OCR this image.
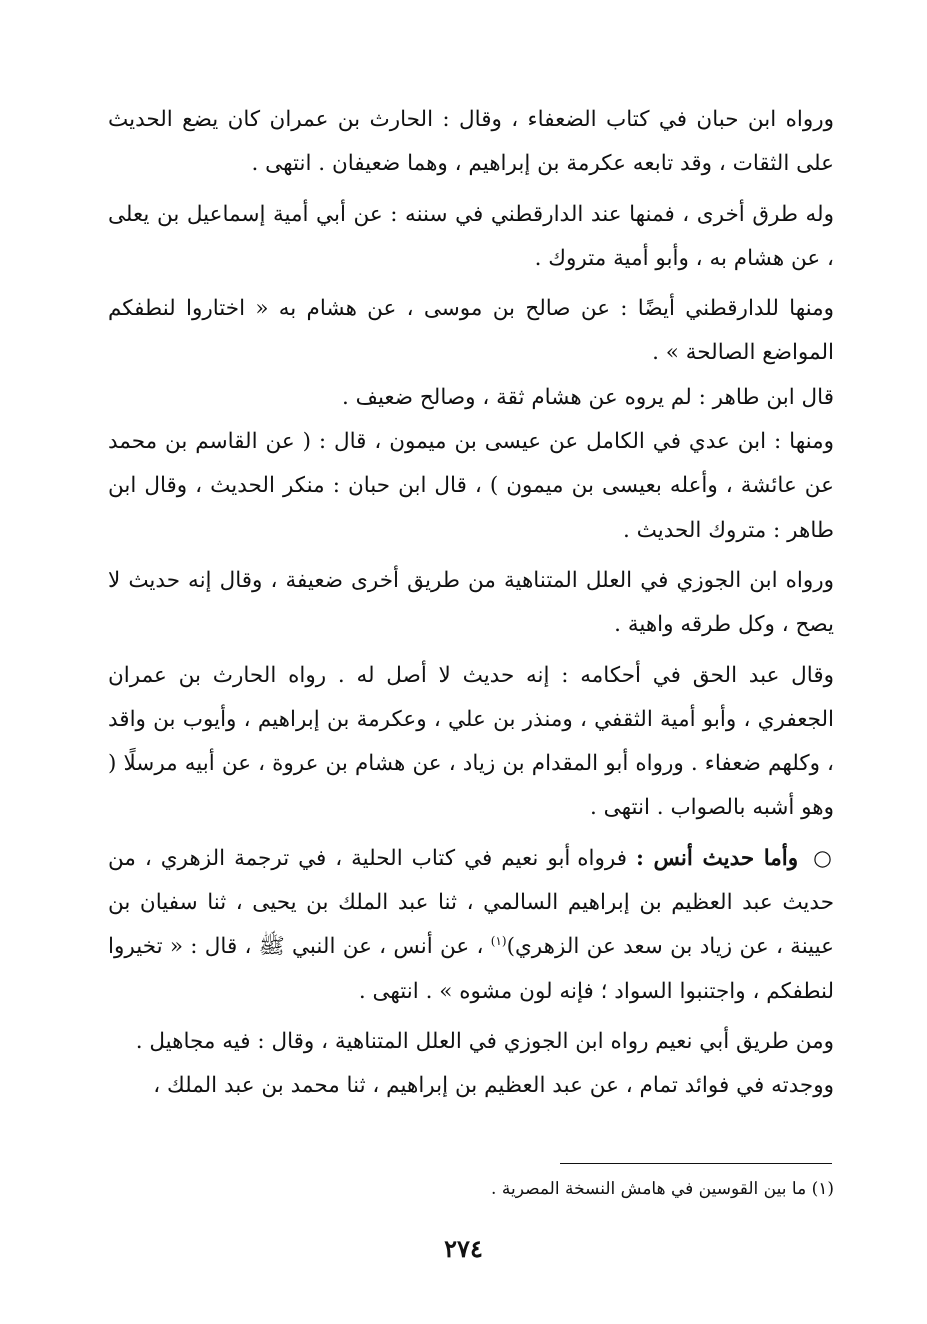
ورواه ابن حبان في كتاب الضعفاء ، وقال : الحارث بن عمران كان يضع الحديث على الثقات ، وقد تابعه عكرمة بن إبراهيم ، وهما ضعيفان . انتهى .

وله طرق أخرى ، فمنها عند الدارقطني في سننه : عن أبي أمية إسماعيل بن يعلى ، عن هشام به ، وأبو أمية متروك .

ومنها للدارقطني أيضًا : عن صالح بن موسى ، عن هشام به « اختاروا لنطفكم المواضع الصالحة » .

قال ابن طاهر : لم يروه عن هشام ثقة ، وصالح ضعيف .

ومنها : ابن عدي في الكامل عن عيسى بن ميمون ، قال : ( عن القاسم بن محمد عن عائشة ، وأعله بعيسى بن ميمون ) ، قال ابن حبان : منكر الحديث ، وقال ابن طاهر : متروك الحديث .

ورواه ابن الجوزي في العلل المتناهية من طريق أخرى ضعيفة ، وقال إنه حديث لا يصح ، وكل طرقه واهية .

وقال عبد الحق في أحكامه : إنه حديث لا أصل له . رواه الحارث بن عمران الجعفري ، وأبو أمية الثقفي ، ومنذر بن علي ، وعكرمة بن إبراهيم ، وأيوب بن واقد ، وكلهم ضعفاء . ورواه أبو المقدام بن زياد ، عن هشام بن عروة ، عن أبيه مرسلًا ( وهو أشبه بالصواب . انتهى .

○ وأما حديث أنس : فرواه أبو نعيم في كتاب الحلية ، في ترجمة الزهري ، من حديث عبد العظيم بن إبراهيم السالمي ، ثنا عبد الملك بن يحيى ، ثنا سفيان بن عيينة ، عن زياد بن سعد عن الزهري)$^{(١)}$ ، عن أنس ، عن النبي ﷺ ، قال : « تخيروا لنطفكم ، واجتنبوا السواد ؛ فإنه لون مشوه » . انتهى .

ومن طريق أبي نعيم رواه ابن الجوزي في العلل المتناهية ، وقال : فيه مجاهيل .

ووجدته في فوائد تمام ، عن عبد العظيم بن إبراهيم ، ثنا محمد بن عبد الملك ،

(١) ما بين القوسين في هامش النسخة المصرية .
٢٧٤
